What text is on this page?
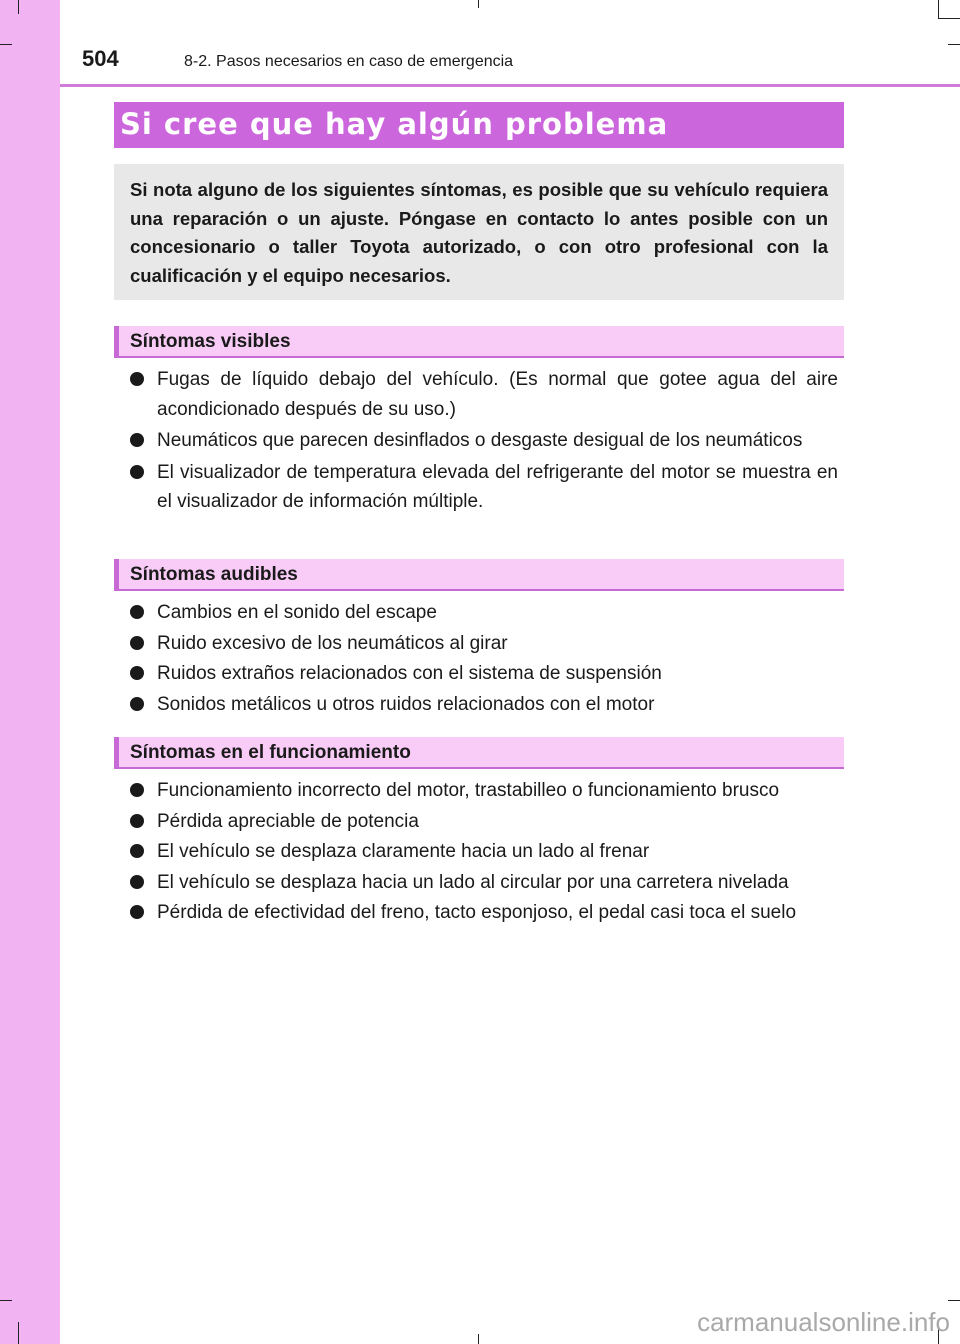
504	8-2. Pasos necesarios en caso de emergencia
Si cree que hay algún problema
Si nota alguno de los siguientes síntomas, es posible que su vehículo requiera una reparación o un ajuste. Póngase en contacto lo antes posible con un concesionario o taller Toyota autorizado, o con otro profesional con la cualificación y el equipo necesarios.
Síntomas visibles
Fugas de líquido debajo del vehículo. (Es normal que gotee agua del aire acondicionado después de su uso.)
Neumáticos que parecen desinflados o desgaste desigual de los neumáticos
El visualizador de temperatura elevada del refrigerante del motor se muestra en el visualizador de información múltiple.
Síntomas audibles
Cambios en el sonido del escape
Ruido excesivo de los neumáticos al girar
Ruidos extraños relacionados con el sistema de suspensión
Sonidos metálicos u otros ruidos relacionados con el motor
Síntomas en el funcionamiento
Funcionamiento incorrecto del motor, trastabilleo o funcionamiento brusco
Pérdida apreciable de potencia
El vehículo se desplaza claramente hacia un lado al frenar
El vehículo se desplaza hacia un lado al circular por una carretera nivelada
Pérdida de efectividad del freno, tacto esponjoso, el pedal casi toca el suelo
carmanualsonline.info
